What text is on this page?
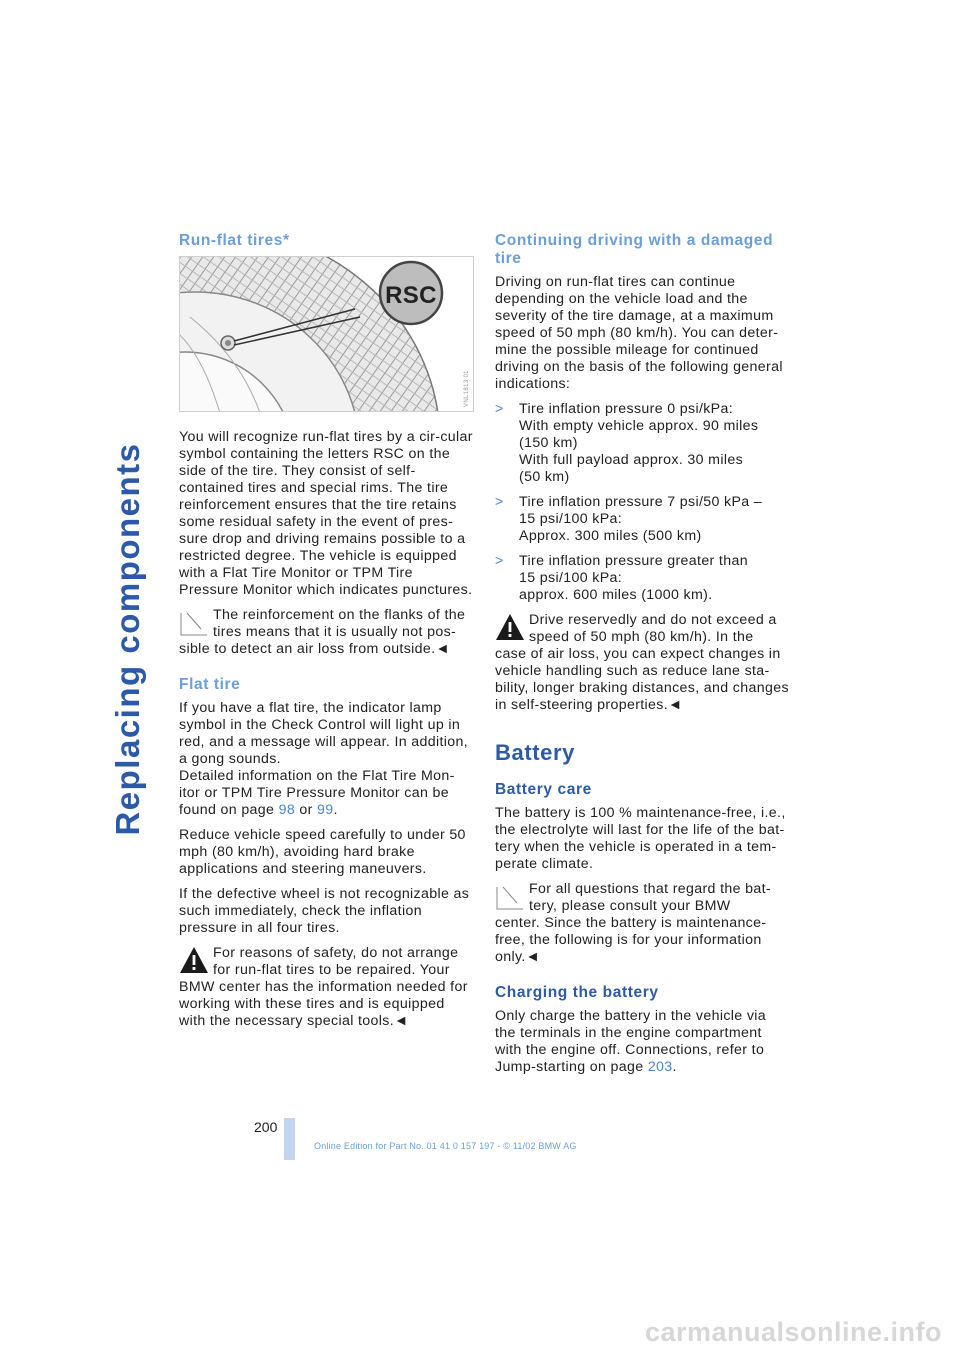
Replacing components
Run-flat tires*
RSC
VNL1813 01

You will recognize run-flat tires by a cir-cular symbol containing the letters RSC on the side of the tire. They consist of self-contained tires and special rims. The tire reinforcement ensures that the tire retains some residual safety in the event of pres-sure drop and driving remains possible to a restricted degree. The vehicle is equipped with a Flat Tire Monitor or TPM Tire Pressure Monitor which indicates punctures.

The reinforcement on the flanks of the tires means that it is usually not pos-
sible to detect an air loss from outside.◄
Flat tire

If you have a flat tire, the indicator lamp symbol in the Check Control will light up in red, and a message will appear. In addition, a gong sounds.

Detailed information on the Flat Tire Mon-itor or TPM Tire Pressure Monitor can be found on page 98 or 99.

Reduce vehicle speed carefully to under 50 mph (80 km/h), avoiding hard brake applications and steering maneuvers.

If the defective wheel is not recognizable as such immediately, check the inflation pressure in all four tires.

For reasons of safety, do not arrange for run-flat tires to be repaired. Your
BMW center has the information needed for working with these tires and is equipped with the necessary special tools.◄
Continuing driving with a damaged tire

Driving on run-flat tires can continue depending on the vehicle load and the severity of the tire damage, at a maximum speed of 50 mph (80 km/h). You can deter-mine the possible mileage for continued driving on the basis of the following general indications:

> Tire inflation pressure 0 psi/kPa:
With empty vehicle approx. 90 miles
(150 km)
With full payload approx. 30 miles
(50 km)
> Tire inflation pressure 7 psi/50 kPa –
15 psi/100 kPa:
Approx. 300 miles (500 km)
> Tire inflation pressure greater than
15 psi/100 kPa:
approx. 600 miles (1000 km).
Drive reservedly and do not exceed a speed of 50 mph (80 km/h). In the
case of air loss, you can expect changes in vehicle handling such as reduce lane sta-bility, longer braking distances, and changes in self-steering properties.◄
Battery
Battery care

The battery is 100 % maintenance-free, i.e., the electrolyte will last for the life of the bat-tery when the vehicle is operated in a tem-perate climate.

For all questions that regard the bat-tery, please consult your BMW
center. Since the battery is maintenance-free, the following is for your information only.◄
Charging the battery

Only charge the battery in the vehicle via the terminals in the engine compartment with the engine off. Connections, refer to Jump-starting on page 203.

200
Online Edition for Part No. 01 41 0 157 197 - © 11/02 BMW AG
carmanualsonline.info
